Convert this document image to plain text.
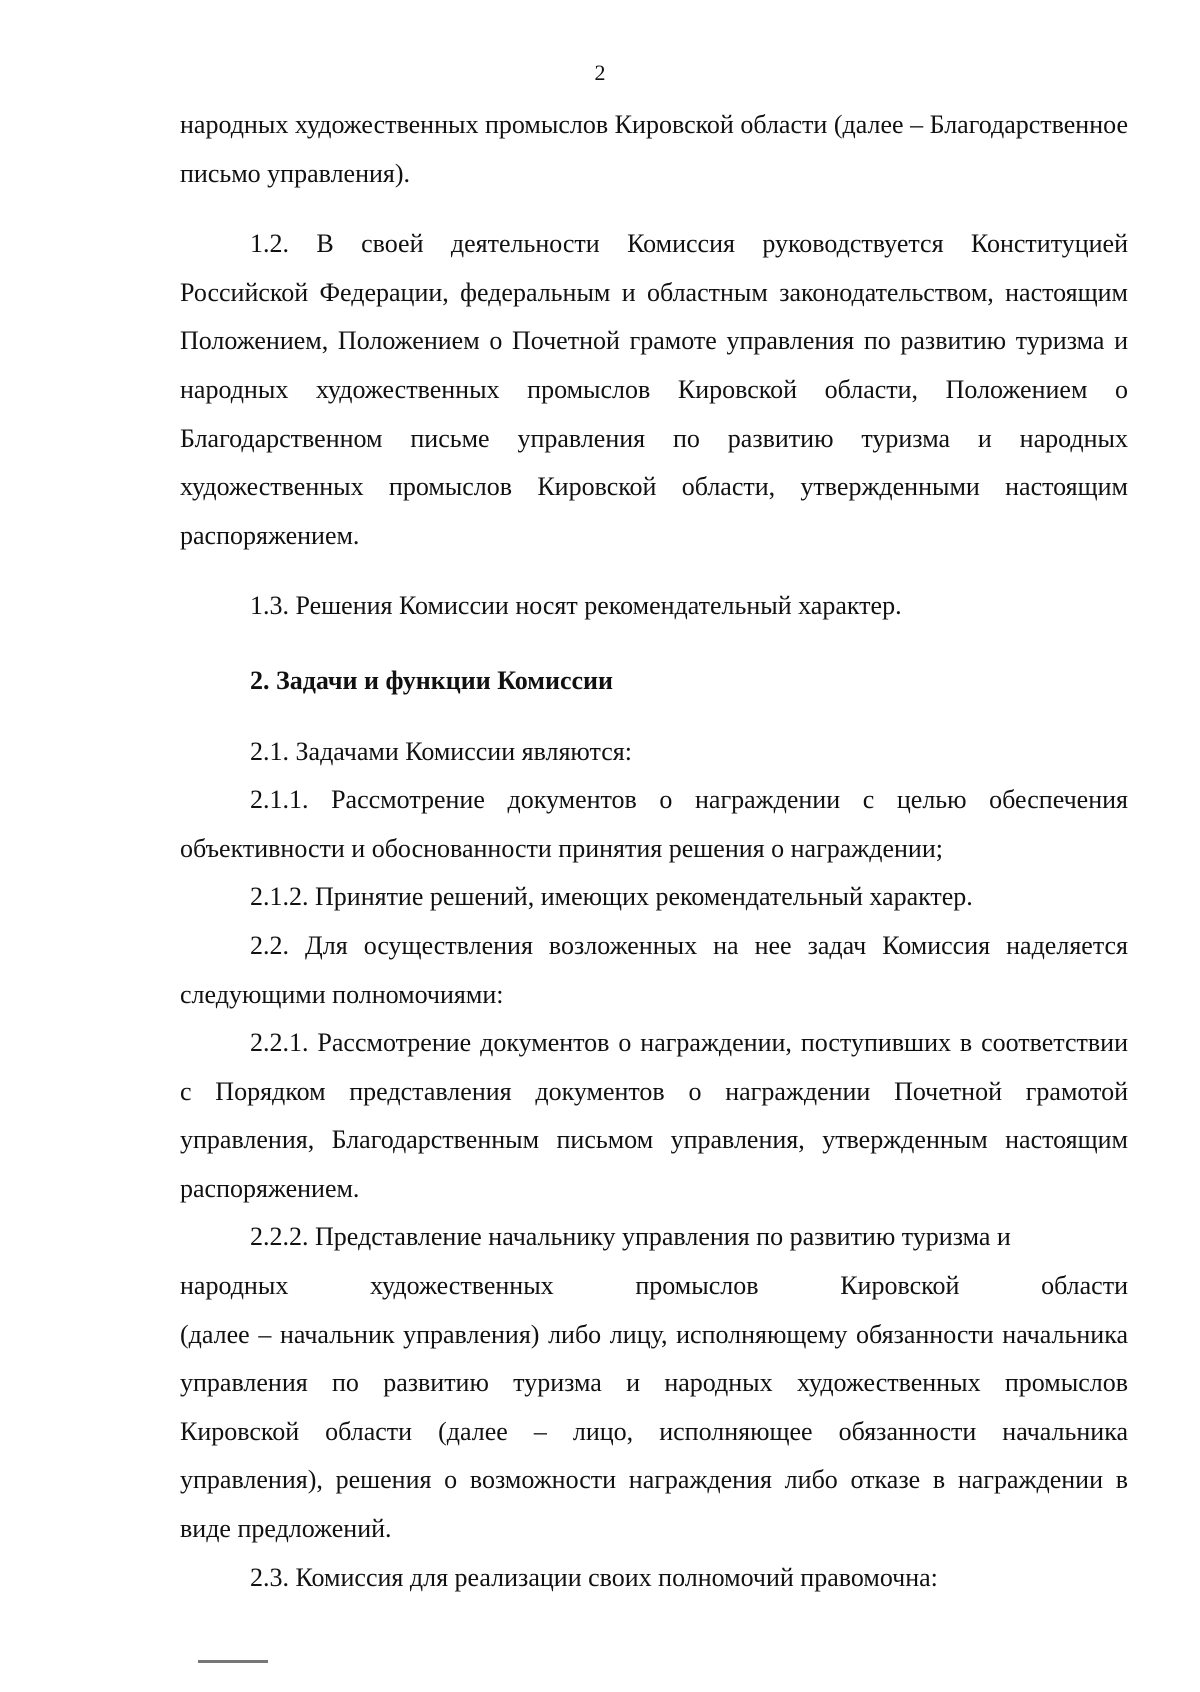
2

народных художественных промыслов Кировской области (далее – Благодарственное письмо управления).

1.2. В своей деятельности Комиссия руководствуется Конституцией Российской Федерации, федеральным и областным законодательством, настоящим Положением, Положением о Почетной грамоте управления по развитию туризма и народных художественных промыслов Кировской области, Положением о Благодарственном письме управления по развитию туризма и народных художественных промыслов Кировской области, утвержденными настоящим распоряжением.

1.3. Решения Комиссии носят рекомендательный характер.

2. Задачи и функции Комиссии

2.1. Задачами Комиссии являются:

2.1.1. Рассмотрение документов о награждении с целью обеспечения объективности и обоснованности принятия решения о награждении;

2.1.2. Принятие решений, имеющих рекомендательный характер.

2.2. Для осуществления возложенных на нее задач Комиссия наделяется следующими полномочиями:

2.2.1. Рассмотрение документов о награждении, поступивших в соответствии с Порядком представления документов о награждении Почетной грамотой управления, Благодарственным письмом управления, утвержденным настоящим распоряжением.

2.2.2. Представление начальнику управления по развитию туризма и

народных художественных промыслов Кировской области

(далее – начальник управления) либо лицу, исполняющему обязанности начальника управления по развитию туризма и народных художественных промыслов Кировской области (далее – лицо, исполняющее обязанности начальника управления), решения о возможности награждения либо отказе в награждении в виде предложений.

2.3. Комиссия для реализации своих полномочий правомочна:
